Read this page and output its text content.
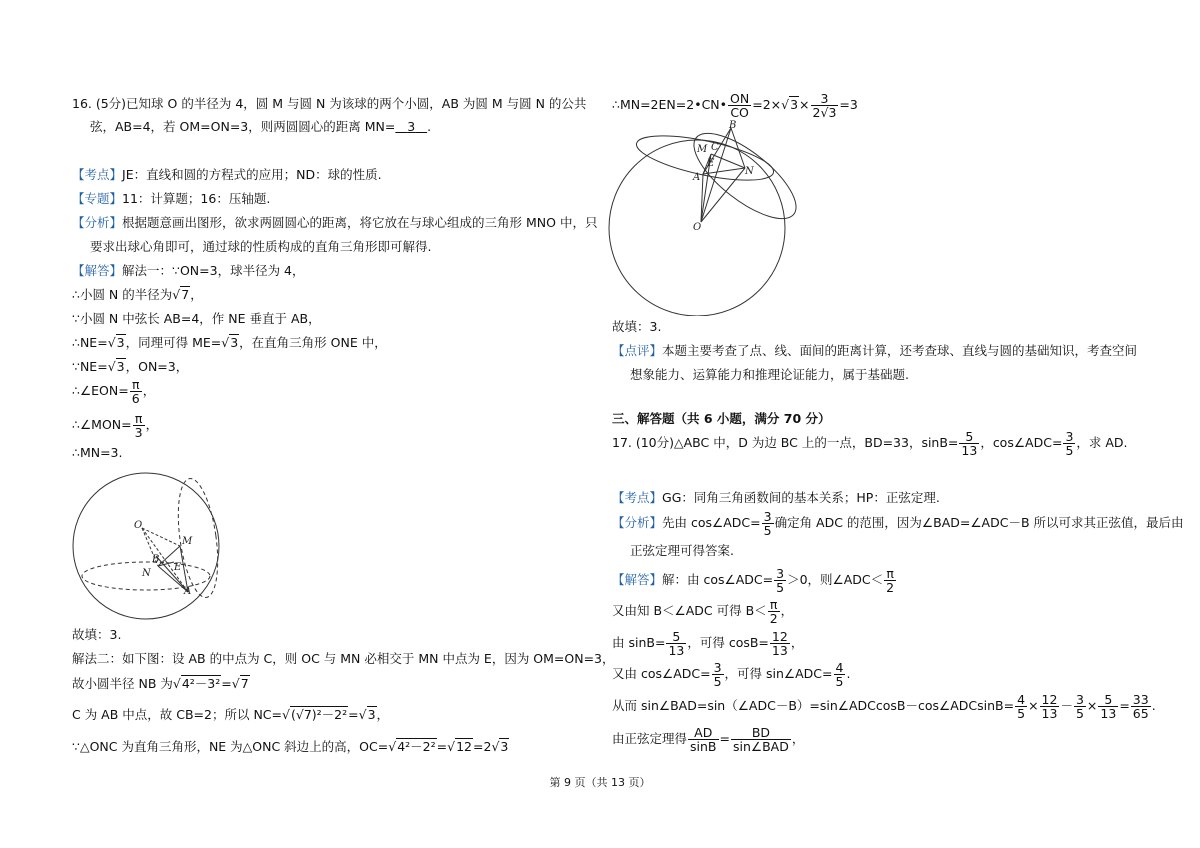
16. (5分)已知球 O 的半径为 4，圆 M 与圆 N 为该球的两个小圆，AB 为圆 M 与圆 N 的公共
弦，AB=4，若 OM=ON=3，则两圆圆心的距离 MN= 3 .
【考点】JE：直线和圆的方程式的应用；ND：球的性质.
【专题】11：计算题；16：压轴题.
【分析】根据题意画出图形，欲求两圆圆心的距离，将它放在与球心组成的三角形 MNO 中，只
要求出球心角即可，通过球的性质构成的直角三角形即可解得.
【解答】解法一：∵ON=3，球半径为 4，
∴小圆 N 的半径为√7，
∵小圆 N 中弦长 AB=4，作 NE 垂直于 AB，
∴NE=√3，同理可得 ME=√3，在直角三角形 ONE 中，
∵NE=√3，ON=3，
∴∠EON= $\frac{\pi}{6}$ ，
∴∠MON= $\frac{\pi}{3}$ ，
∴MN=3.
O
M
B
E
N
A
故填：3.
解法二：如下图：设 AB 的中点为 C，则 OC 与 MN 必相交于 MN 中点为 E，因为 OM=ON=3，
故小圆半径 NB 为√4²－3²=√7
C 为 AB 中点，故 CB=2；所以 NC=√(√7)²－2²=√3，
∵△ONC 为直角三角形，NE 为△ONC 斜边上的高，OC=√4²－2²=√12=2√3
∴MN=2EN=2•CN• $\frac{ON}{CO} =2\times√3\times \frac{3}{2√3} =3$
B
M C
E
N
A
O
故填：3.
【点评】本题主要考查了点、线、面间的距离计算，还考查球、直线与圆的基础知识，考查空间
想象能力、运算能力和推理论证能力，属于基础题.
三、解答题（共 6 小题，满分 70 分）
17. (10分)△ABC 中，D 为边 BC 上的一点，BD=33，$\sin B= \frac{5}{13}$ ，cos∠ADC= $\frac{3}{5}$ ，求 AD.
【考点】GG：同角三角函数间的基本关系；HP：正弦定理.
【分析】先由 cos∠ADC= $\frac{3}{5}$ 确定角 ADC 的范围，因为∠BAD=∠ADC－B 所以可求其正弦值，最后由
正弦定理可得答案.
【解答】解：由 cos∠ADC= $\frac{3}{5} >0$，则∠ADC＜ $\frac{\pi}{2}$
又由知 B＜∠ADC 可得 $B< \frac{\pi}{2}$ ，
由 $\sin B= \frac{5}{13}$ ，可得 $\cos B= \frac{12}{13}$ ，
又由 cos∠ADC= $\frac{3}{5}$ ，可得 sin∠ADC= $\frac{4}{5}$ .
从而 sin∠BAD=sin（∠ADC－B）=sin∠ADCcosB－cos∠ADCsinB= $\frac{4}{5} \times \frac{12}{13} - \frac{3}{5} \times \frac{5}{13} = \frac{33}{65}$ .
由正弦定理得 $\frac{AD}{\sin B} = \frac{BD}{\text{sin∠BAD}}$ ，
第 9 页（共 13 页）
